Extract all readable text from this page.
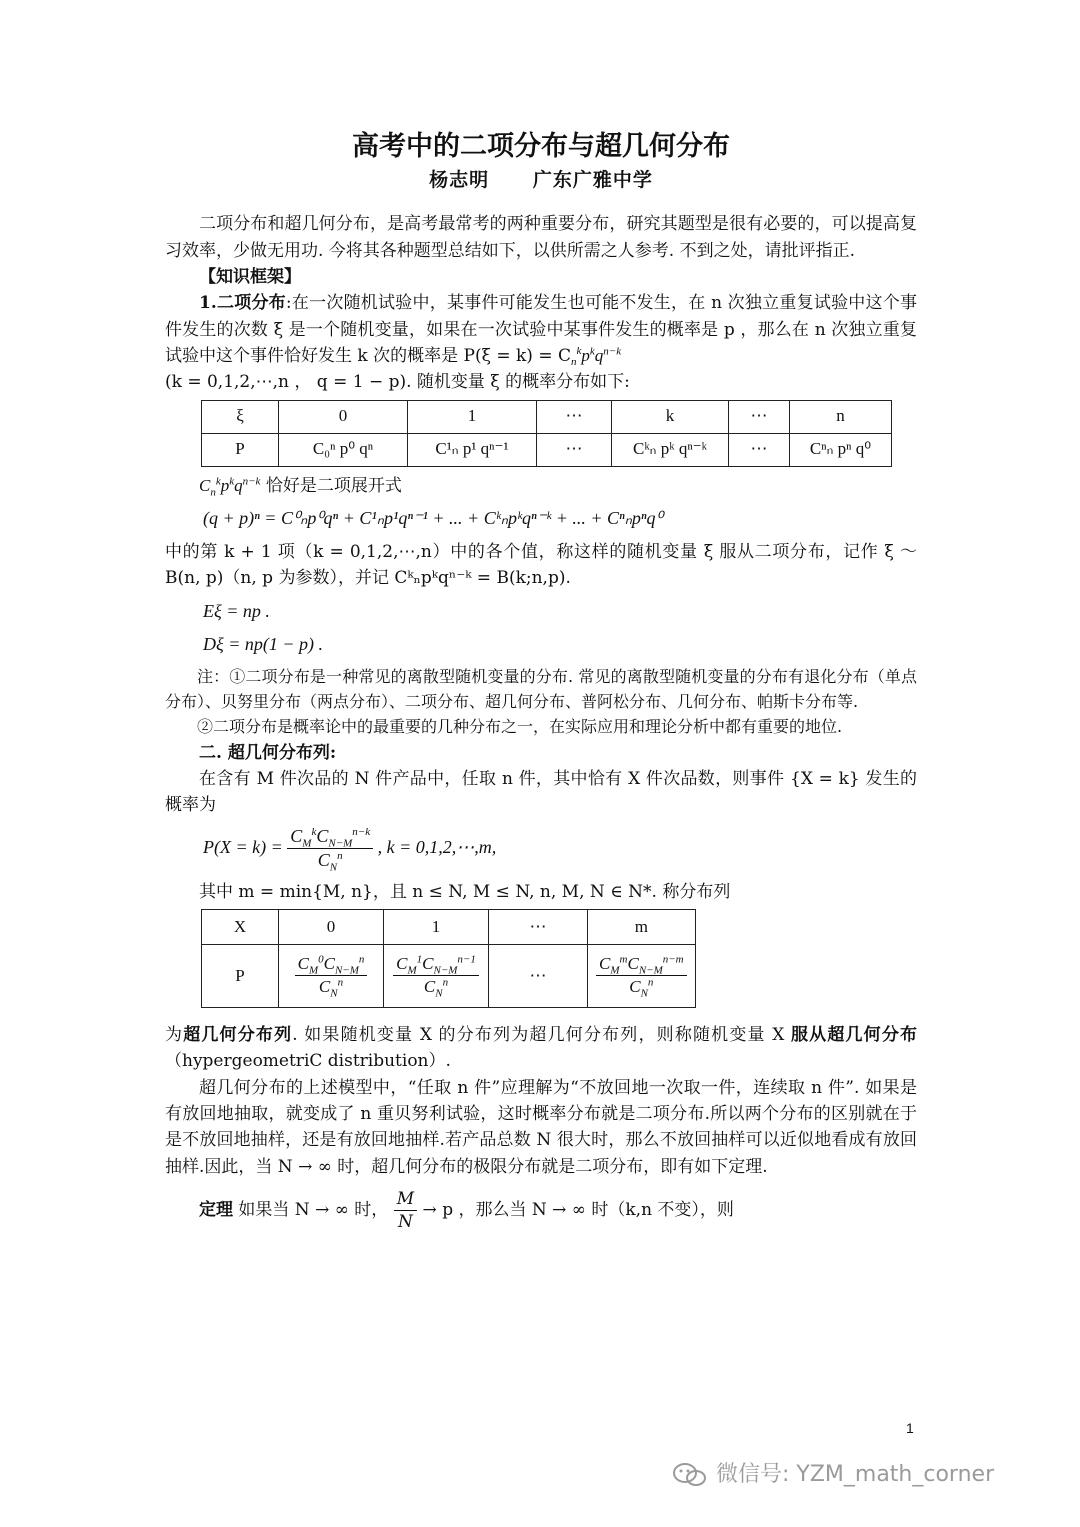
高考中的二项分布与超几何分布

杨志明 广东广雅中学

二项分布和超几何分布，是高考最常考的两种重要分布，研究其题型是很有必要的，可以提高复习效率，少做无用功. 今将其各种题型总结如下，以供所需之人参考. 不到之处，请批评指正.

【知识框架】

1.二项分布:在一次随机试验中，某事件可能发生也可能不发生，在 n 次独立重复试验中这个事件发生的次数 ξ 是一个随机变量，如果在一次试验中某事件发生的概率是 p ，那么在 n 次独立重复试验中这个事件恰好发生 k 次的概率是 $P(\xi = k) = C_n^kp^kq^{n-k}$

(k = 0,1,2,⋯,n ， q = 1 − p). 随机变量 ξ 的概率分布如下:

ξ	0	1	⋯	k	⋯	n
P	C₀ⁿ p⁰ qⁿ	C¹ₙ p¹ qⁿ⁻¹	⋯	Cᵏₙ pᵏ qⁿ⁻ᵏ	⋯	Cⁿₙ pⁿ q⁰

$C_n^kp^kq^{n-k}$ 恰好是二项展开式

(q + p)ⁿ = C⁰ₙp⁰qⁿ + C¹ₙp¹qⁿ⁻¹ + ... + Cᵏₙpᵏqⁿ⁻ᵏ + ... + Cⁿₙpⁿq⁰

中的第 k + 1 项（k = 0,1,2,⋯,n）中的各个值，称这样的随机变量 ξ 服从二项分布，记作 ξ ～ B(n, p)（n, p 为参数），并记 Cᵏₙpᵏqⁿ⁻ᵏ = B(k;n,p).

Eξ = np .

Dξ = np(1 − p) .

注：①二项分布是一种常见的离散型随机变量的分布. 常见的离散型随机变量的分布有退化分布（单点分布）、贝努里分布（两点分布）、二项分布、超几何分布、普阿松分布、几何分布、帕斯卡分布等.

②二项分布是概率论中的最重要的几种分布之一，在实际应用和理论分析中都有重要的地位.

二. 超几何分布列:

在含有 M 件次品的 N 件产品中，任取 n 件，其中恰有 X 件次品数，则事件 {X = k} 发生的概率为

$P(X = k) = \frac{C_M^kC_{N-M}^{n-k}}{C_N^n}$ , k = 0,1,2,⋯,m,

其中 m = min{M, n}，且 n ≤ N, M ≤ N, n, M, N ∈ N*. 称分布列

X	0	1	⋯	m
P	$\frac{C_M^0C_{N-M}^n}{C_N^n}$	$\frac{C_M^1C_{N-M}^{n-1}}{C_N^n}$	⋯	$\frac{C_M^mC_{N-M}^{n-m}}{C_N^n}$

为超几何分布列. 如果随机变量 X 的分布列为超几何分布列，则称随机变量 X 服从超几何分布（hypergeometriC distribution）.

超几何分布的上述模型中，“任取 n 件”应理解为“不放回地一次取一件，连续取 n 件”. 如果是有放回地抽取，就变成了 n 重贝努利试验，这时概率分布就是二项分布.所以两个分布的区别就在于是不放回地抽样，还是有放回地抽样.若产品总数 N 很大时，那么不放回抽样可以近似地看成有放回抽样.因此，当 N → ∞ 时，超几何分布的极限分布就是二项分布，即有如下定理.

定理 如果当 N → ∞ 时， $\frac{M}{N} \to p$ ，那么当 N → ∞ 时（k,n 不变），则

1
微信号: YZM_math_corner
